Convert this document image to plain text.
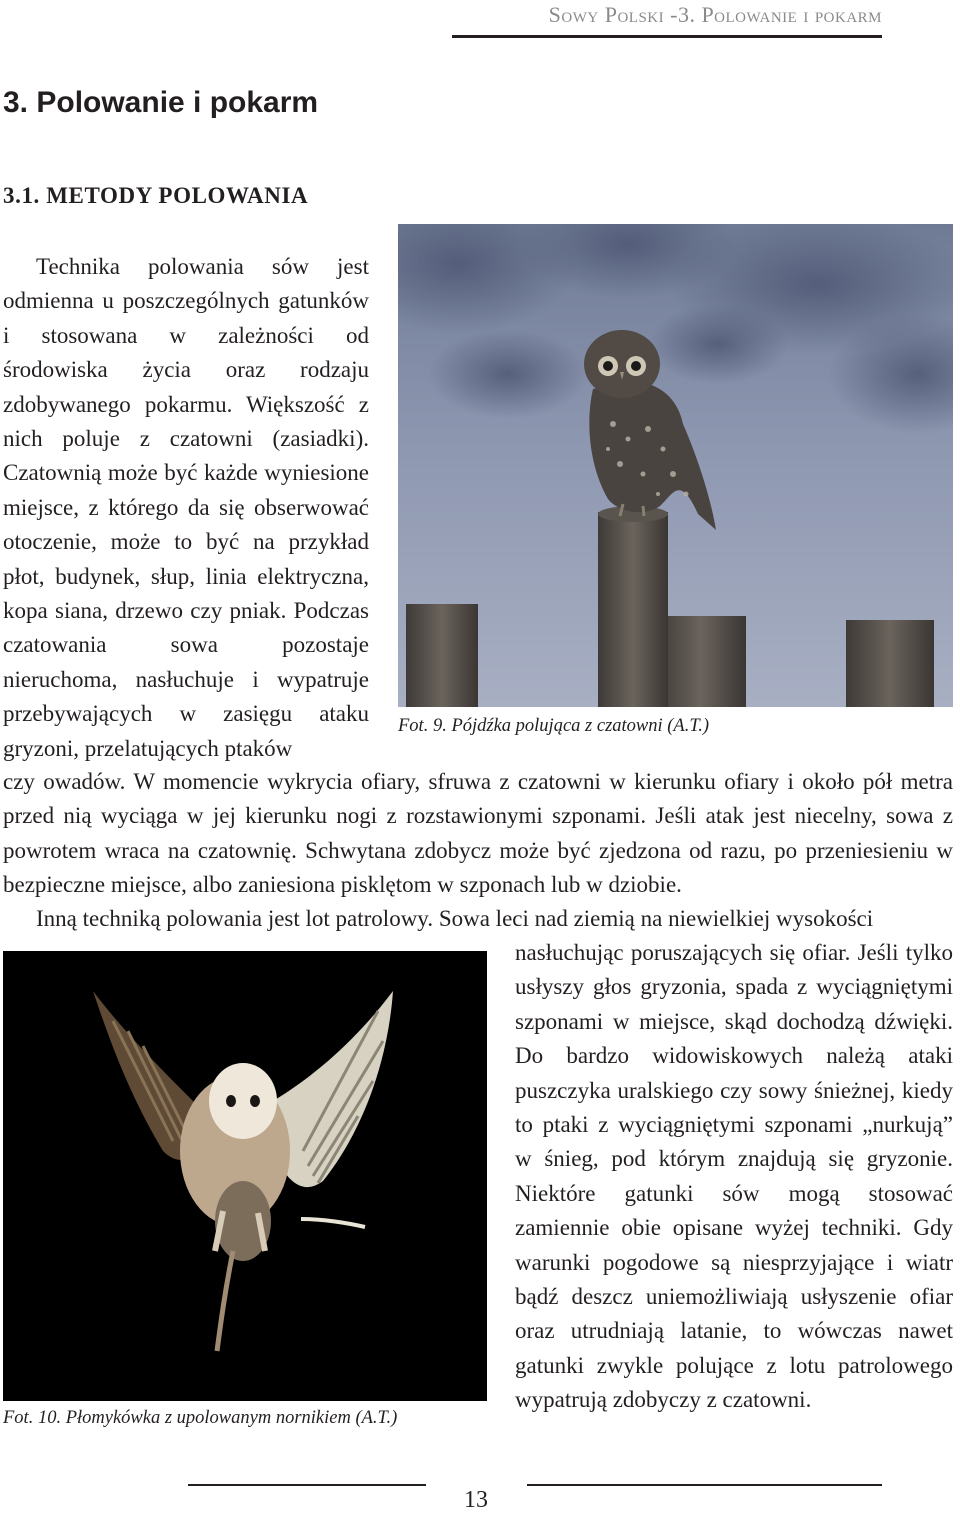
Sowy Polski -3. Polowanie i pokarm
3. Polowanie i pokarm
3.1. METODY POLOWANIA

Technika polowania sów jest odmienna u poszczególnych gatunków i stosowana w zależności od środowiska życia oraz rodzaju zdobywanego pokarmu. Większość z nich poluje z czatowni (zasiadki). Czatownią może być każde wyniesione miejsce, z którego da się obserwować otoczenie, może to być na przykład płot, budynek, słup, linia elektryczna, kopa siana, drzewo czy pniak. Podczas czatowania sowa pozostaje nieruchoma, nasłuchuje i wypatruje przebywających w zasięgu ataku gryzoni, przelatujących ptaków

Fot. 9. Pójdźka polująca z czatowni (A.T.)

czy owadów. W momencie wykrycia ofiary, sfruwa z czatowni w kierunku ofiary i około pół metra przed nią wyciąga w jej kierunku nogi z rozstawionymi szponami. Jeśli atak jest niecelny, sowa z powrotem wraca na czatownię. Schwytana zdobycz może być zjedzona od razu, po przeniesieniu w bezpieczne miejsce, albo zaniesiona pisklętom w szponach lub w dziobie.

Inną techniką polowania jest lot patrolowy. Sowa leci nad ziemią na niewielkiej wysokości

Fot. 10. Płomykówka z upolowanym nornikiem (A.T.)

nasłuchując poruszających się ofiar. Jeśli tylko usłyszy głos gryzonia, spada z wyciągniętymi szponami w miejsce, skąd dochodzą dźwięki. Do bardzo widowiskowych należą ataki puszczyka uralskiego czy sowy śnieżnej, kiedy to ptaki z wyciągniętymi szponami „nurkują” w śnieg, pod którym znajdują się gryzonie. Niektóre gatunki sów mogą stosować zamiennie obie opisane wyżej techniki. Gdy warunki pogodowe są niesprzyjające i wiatr bądź deszcz uniemożliwiają usłyszenie ofiar oraz utrudniają latanie, to wówczas nawet gatunki zwykle polujące z lotu patrolowego wypatrują zdobyczy z czatowni.

13
